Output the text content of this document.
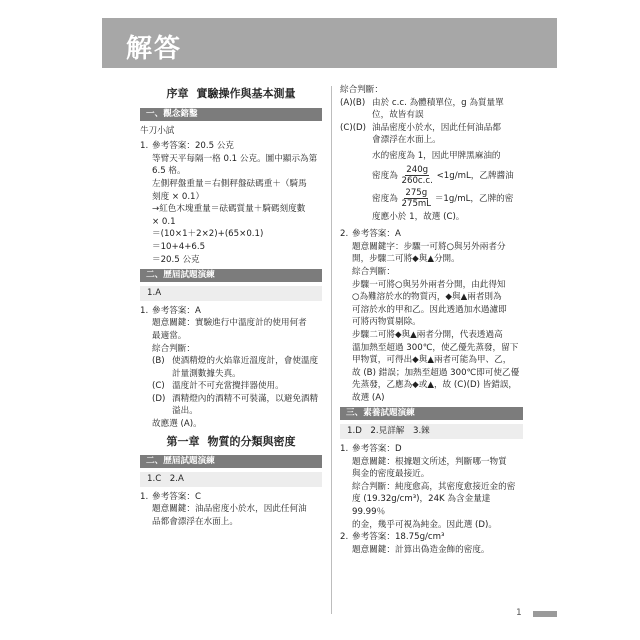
解答
序章 實驗操作與基本測量
一、觀念鎔鑿
牛刀小試
1. 參考答案：20.5 公克
等臂天平每隔一格 0.1 公克。圖中顯示為第
6.5 格。
左側秤盤重量＝右側秤盤砝碼重＋（騎馬
刻度 × 0.1）
→紅色木塊重量＝砝碼質量＋騎碼刻度數
× 0.1
＝(10×1＋2×2)+(65×0.1)
＝10+4+6.5
＝20.5 公克
二、歷屆試題演練
1.A
1. 參考答案：A
題意關鍵：實驗進行中溫度計的使用何者
最適當。
綜合判斷：
(B) 使酒精燈的火焰靠近溫度計，會使溫度
計量測數據失真。
(C) 溫度計不可充當攪拌器使用。
(D) 酒精燈內的酒精不可裝滿，以避免酒精
溢出。
故應選 (A)。
第一章 物質的分類與密度
二、歷屆試題演練
1.C　2.A
1. 參考答案：C
題意關鍵：油品密度小於水，因此任何油
品都會漂浮在水面上。
綜合判斷：
(A)(B) 由於 c.c. 為體積單位，g 為質量單
位，故皆有誤
(C)(D) 油品密度小於水，因此任何油品都
會漂浮在水面上。
水的密度為 1，因此甲牌黑麻油的
密度為 $\frac{240g}{260c.c.} <1g/mL$，乙牌醬油
密度為 $\frac{275g}{275mL} =1g/mL$，乙牌的密
度應小於 1，故選 (C)。
2. 參考答案：A
題意關鍵字：步驟一可將○與另外兩者分
開，步驟二可將◆與▲分開。
綜合判斷：
步驟一可將○與另外兩者分開，由此得知
○為難溶於水的物質丙，◆與▲兩者則為
可溶於水的甲和乙。因此透過加水過濾即
可將丙物質剔除。
步驟二可將◆與▲兩者分開，代表透過高
溫加熱至超過 300℃，使乙優先蒸發，留下
甲物質，可得出◆與▲兩者可能為甲、乙，
故 (B) 錯誤；加熱至超過 300℃即可使乙優
先蒸發，乙應為◆或▲，故 (C)(D) 皆錯誤，
故選 (A)
三、素養試題演練
1.D　2.見詳解　3.錸
1. 參考答案：D
題意關鍵：根據題文所述，判斷哪一物質
與金的密度最接近。
綜合判斷：純度愈高，其密度愈接近金的密
度 (19.32g/cm³)，24K 為含金量達 99.99％
的金，幾乎可視為純金。因此選 (D)。
2. 參考答案：18.75g/cm³
題意關鍵：計算出偽造金飾的密度。
1
